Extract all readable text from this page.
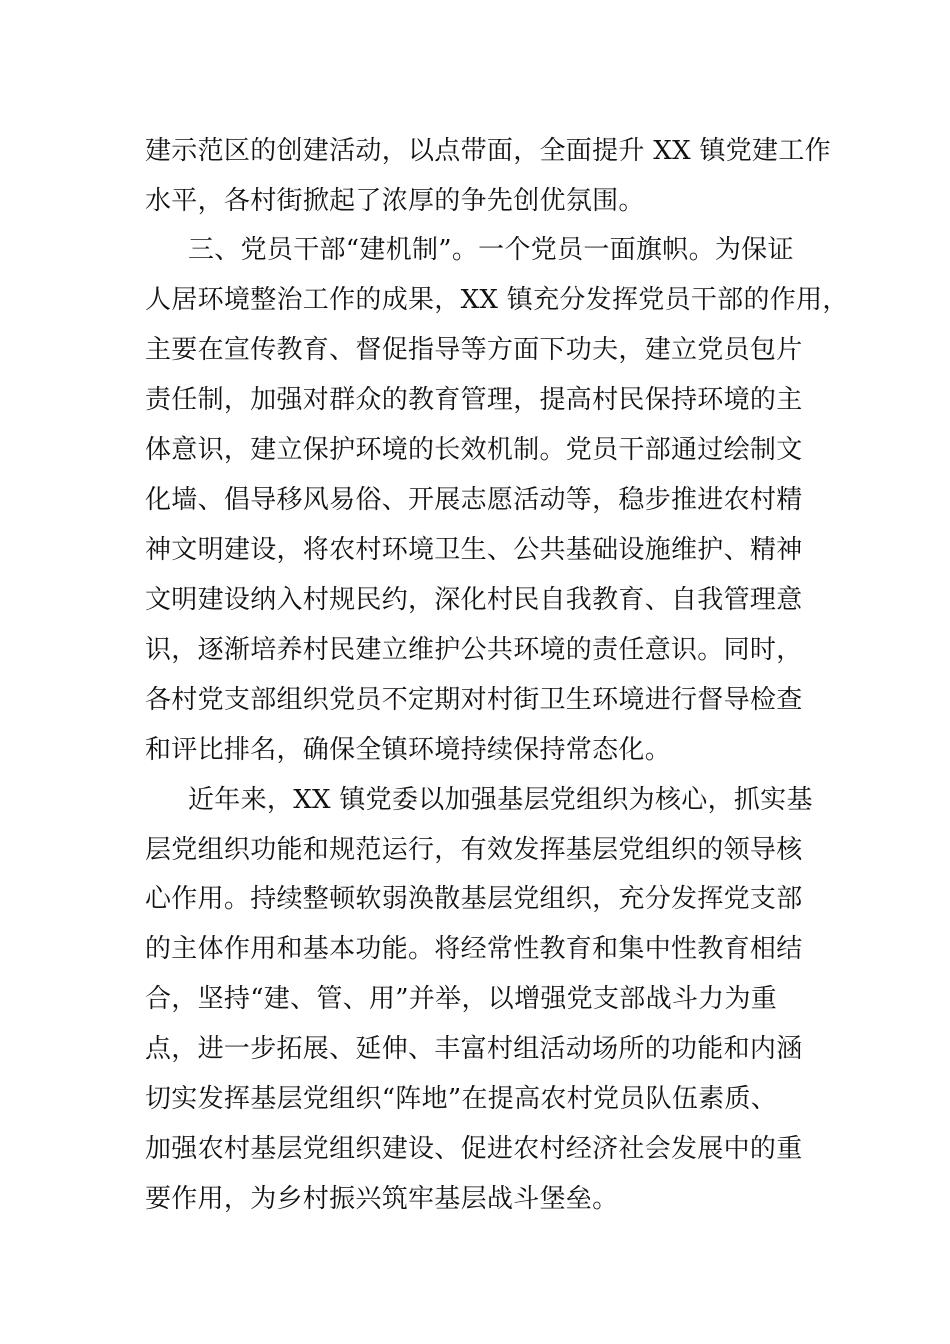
建示范区的创建活动，以点带面，全面提升 XX 镇党建工作
水平，各村街掀起了浓厚的争先创优氛围。
三、党员干部“建机制”。一个党员一面旗帜。为保证
人居环境整治工作的成果，XX 镇充分发挥党员干部的作用，
主要在宣传教育、督促指导等方面下功夫，建立党员包片
责任制，加强对群众的教育管理，提高村民保持环境的主
体意识，建立保护环境的长效机制。党员干部通过绘制文
化墙、倡导移风易俗、开展志愿活动等，稳步推进农村精
神文明建设，将农村环境卫生、公共基础设施维护、精神
文明建设纳入村规民约，深化村民自我教育、自我管理意
识，逐渐培养村民建立维护公共环境的责任意识。同时，
各村党支部组织党员不定期对村街卫生环境进行督导检查
和评比排名，确保全镇环境持续保持常态化。
近年来，XX 镇党委以加强基层党组织为核心，抓实基
层党组织功能和规范运行，有效发挥基层党组织的领导核
心作用。持续整顿软弱涣散基层党组织，充分发挥党支部
的主体作用和基本功能。将经常性教育和集中性教育相结
合，坚持“建、管、用”并举，以增强党支部战斗力为重
点，进一步拓展、延伸、丰富村组活动场所的功能和内涵
切实发挥基层党组织“阵地”在提高农村党员队伍素质、
加强农村基层党组织建设、促进农村经济社会发展中的重
要作用，为乡村振兴筑牢基层战斗堡垒。
